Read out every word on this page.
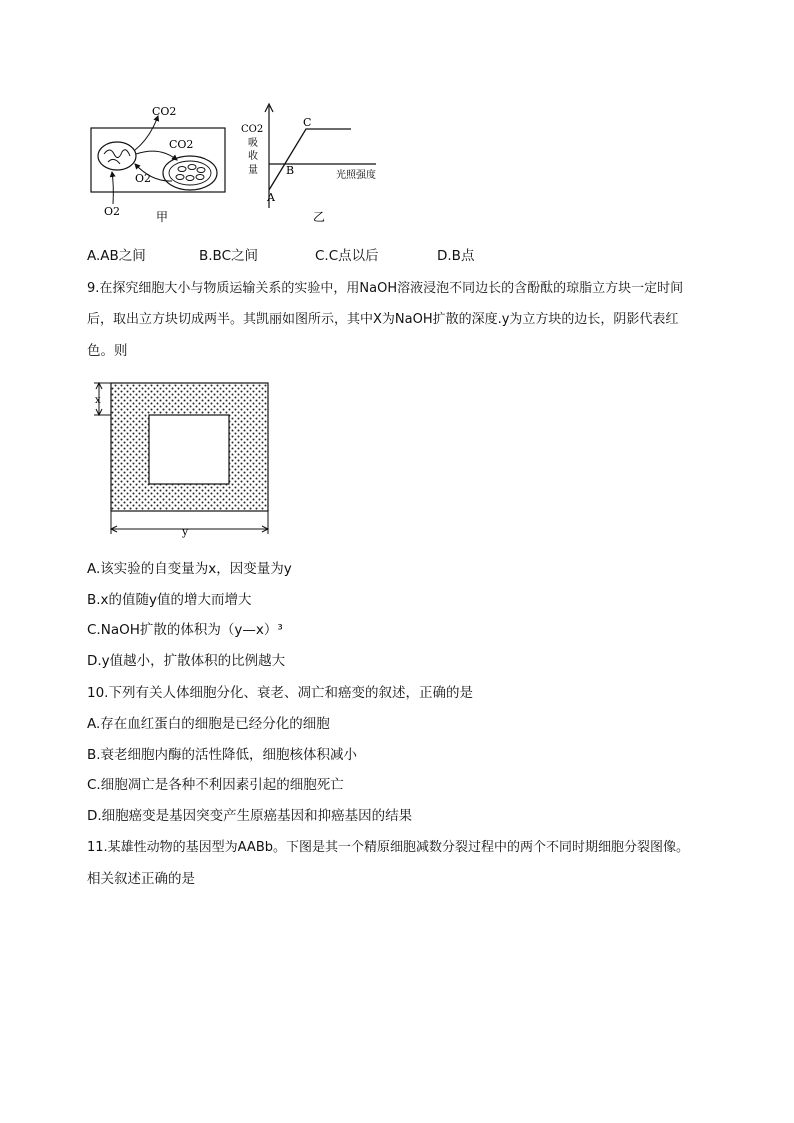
CO2
CO2
O2
O2	甲
CO2
吸
收
量	光照强度
A
B
C
乙
A.AB之间	B.BC之间	C.C点以后	D.B点
9.在探究细胞大小与物质运输关系的实验中，用NaOH溶液浸泡不同边长的含酚酞的琼脂立方块一定时间
后，取出立方块切成两半。其凯丽如图所示，其中X为NaOH扩散的深度.y为立方块的边长，阴影代表红
色。则
x
y
A.该实验的自变量为x，因变量为y
B.x的值随y值的增大而增大
C.NaOH扩散的体积为（y—x）³
D.y值越小，扩散体积的比例越大
10.下列有关人体细胞分化、衰老、凋亡和癌变的叙述，正确的是
A.存在血红蛋白的细胞是已经分化的细胞
B.衰老细胞内酶的活性降低，细胞核体积减小
C.细胞凋亡是各种不利因素引起的细胞死亡
D.细胞癌变是基因突变产生原癌基因和抑癌基因的结果
11.某雄性动物的基因型为AABb。下图是其一个精原细胞减数分裂过程中的两个不同时期细胞分裂图像。
相关叙述正确的是
